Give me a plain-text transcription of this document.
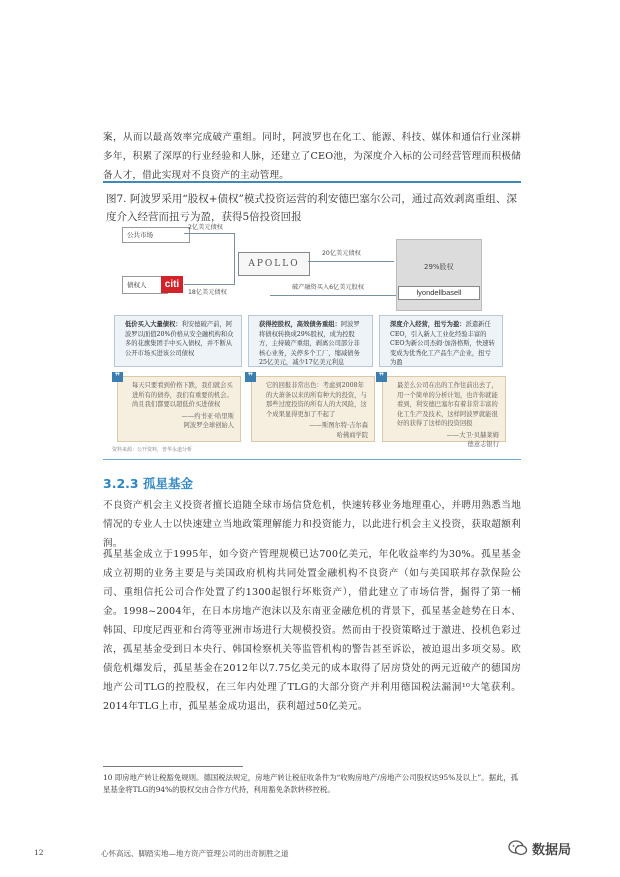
案，从而以最高效率完成破产重组。同时，阿波罗也在化工、能源、科技、媒体和通信行业深耕多年，积累了深厚的行业经验和人脉，还建立了CEO池，为深度介入标的公司经营管理而积极储备人才，借此实现对不良资产的主动管理。
图7. 阿波罗采用“股权+债权”模式投资运营的利安德巴塞尔公司，通过高效剥离重组、深度介入经营而扭亏为盈，获得5倍投资回报
公共市场
2亿美元债权
债权人	citi
18亿美元债权
APOLLO
20亿美元债权
29%股权
lyondellbasell
破产融资买入6亿美元股权
低价买入大量债权：利安德破产前，阿波罗以面值20%价格从安全融机构和众多的花旗集团手中买入债权，并不断从公开市场买进该公司债权
获得控股权，高效债务重组：阿波罗将债权转换成29%股权，成为控股方，主持破产重组，剥离公司部分非核心业务，关停多个工厂，缩减债务25亿美元，减少17亿美元利息
深度介入经营，扭亏为盈：派遣新任CEO，引入新人工业化经验丰富的CEO为新公司杰姆·加洛格斯，快速转变成为优秀化工产品生产企业，扭亏为盈
每天只要看到价格下跌，我们就会买进所有的债券，我们有重要的机会。尚且我们都要以超低价买进债权
——约书亚·哈里斯
阿波罗全球创始人
❞
它的回报非常出色：考虑到2008年的大萧条以来的所有种大的投资，与那些过度投资的所有人的大风险，这个成果显得更加了不起了
——斯图尔特·吉尔森
哈佛商学院
❞
最差么公司在出的工作往前出去了，用一个简单的分析计划，也许你就能看到，利安德巴塞尔有着非常丰富的化工生产及技术，这样阿波罗就能很好的获得了这样的投资回报
——大卫·贝赫莱姆
德意志银行
❞
资料来源：公开资料，普华永道分析
3.2.3 孤星基金
不良资产机会主义投资者擅长追随全球市场信贷危机，快速转移业务地理重心，并聘用熟悉当地情况的专业人士以快速建立当地政策理解能力和投资能力，以此进行机会主义投资，获取超额利润。
孤星基金成立于1995年，如今资产管理规模已达700亿美元，年化收益率约为30%。孤星基金成立初期的业务主要是与美国政府机构共同处置金融机构不良资产（如与美国联邦存款保险公司、重组信托公司合作处置了约1300起银行坏账资产），借此建立了市场信誉，掘得了第一桶金。1998~2004年，在日本房地产泡沫以及东南亚金融危机的背景下，孤星基金趁势在日本、韩国、印度尼西亚和台湾等亚洲市场进行大规模投资。然而由于投资策略过于激进、投机色彩过浓，孤星基金受到日本央行、韩国检察机关等监管机构的警告甚至诉讼，被迫退出多项交易。欧债危机爆发后，孤星基金在2012年以7.75亿美元的成本取得了居房贷处的两元近破产的德国房地产公司TLG的控股权，在三年内处理了TLG的大部分资产并利用德国税法漏洞¹⁰大笔获利。2014年TLG上市，孤星基金成功退出，获利超过50亿美元。
10 即房地产转让税豁免规则。德国税法规定，房地产转让税征收条件为“收购房地产/房地产公司股权达95%及以上”。据此，孤星基金将TLG的94%的股权交由合作方代持，利用豁免条款转移控税。
12	心怀高远、脚踏实地—地方资产管理公司的出奇制胜之道	数据局
